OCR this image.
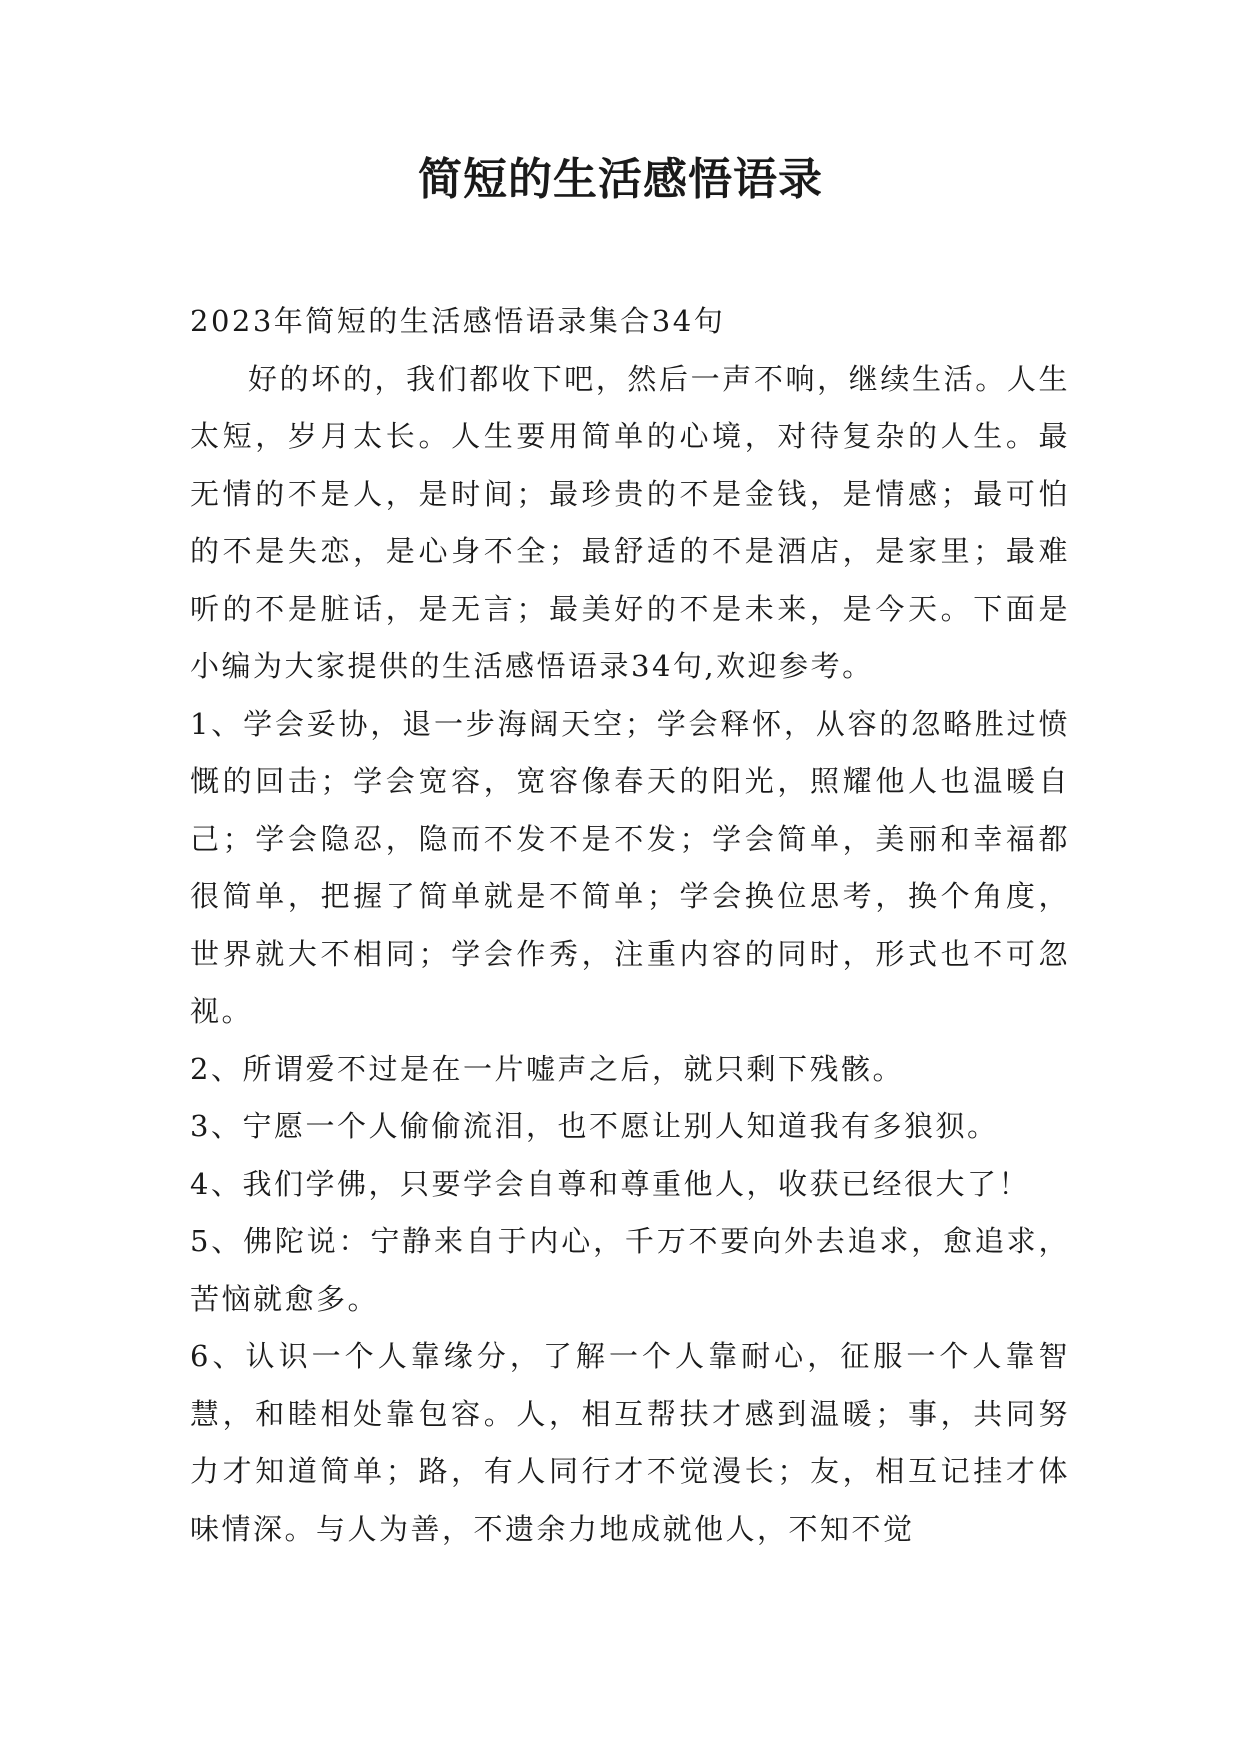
简短的生活感悟语录

2023年简短的生活感悟语录集合34句

好的坏的，我们都收下吧，然后一声不响，继续生活。人生太短，岁月太长。人生要用简单的心境，对待复杂的人生。最无情的不是人，是时间；最珍贵的不是金钱，是情感；最可怕的不是失恋，是心身不全；最舒适的不是酒店，是家里；最难听的不是脏话，是无言；最美好的不是未来，是今天。下面是小编为大家提供的生活感悟语录34句,欢迎参考。

1、学会妥协，退一步海阔天空；学会释怀，从容的忽略胜过愤慨的回击；学会宽容，宽容像春天的阳光，照耀他人也温暖自己；学会隐忍，隐而不发不是不发；学会简单，美丽和幸福都很简单，把握了简单就是不简单；学会换位思考，换个角度，世界就大不相同；学会作秀，注重内容的同时，形式也不可忽视。

2、所谓爱不过是在一片嘘声之后，就只剩下残骸。

3、宁愿一个人偷偷流泪，也不愿让别人知道我有多狼狈。

4、我们学佛，只要学会自尊和尊重他人，收获已经很大了！

5、佛陀说：宁静来自于内心，千万不要向外去追求，愈追求，苦恼就愈多。

6、认识一个人靠缘分，了解一个人靠耐心，征服一个人靠智慧，和睦相处靠包容。人，相互帮扶才感到温暖；事，共同努力才知道简单；路，有人同行才不觉漫长；友，相互记挂才体味情深。与人为善，不遗余力地成就他人，不知不觉
